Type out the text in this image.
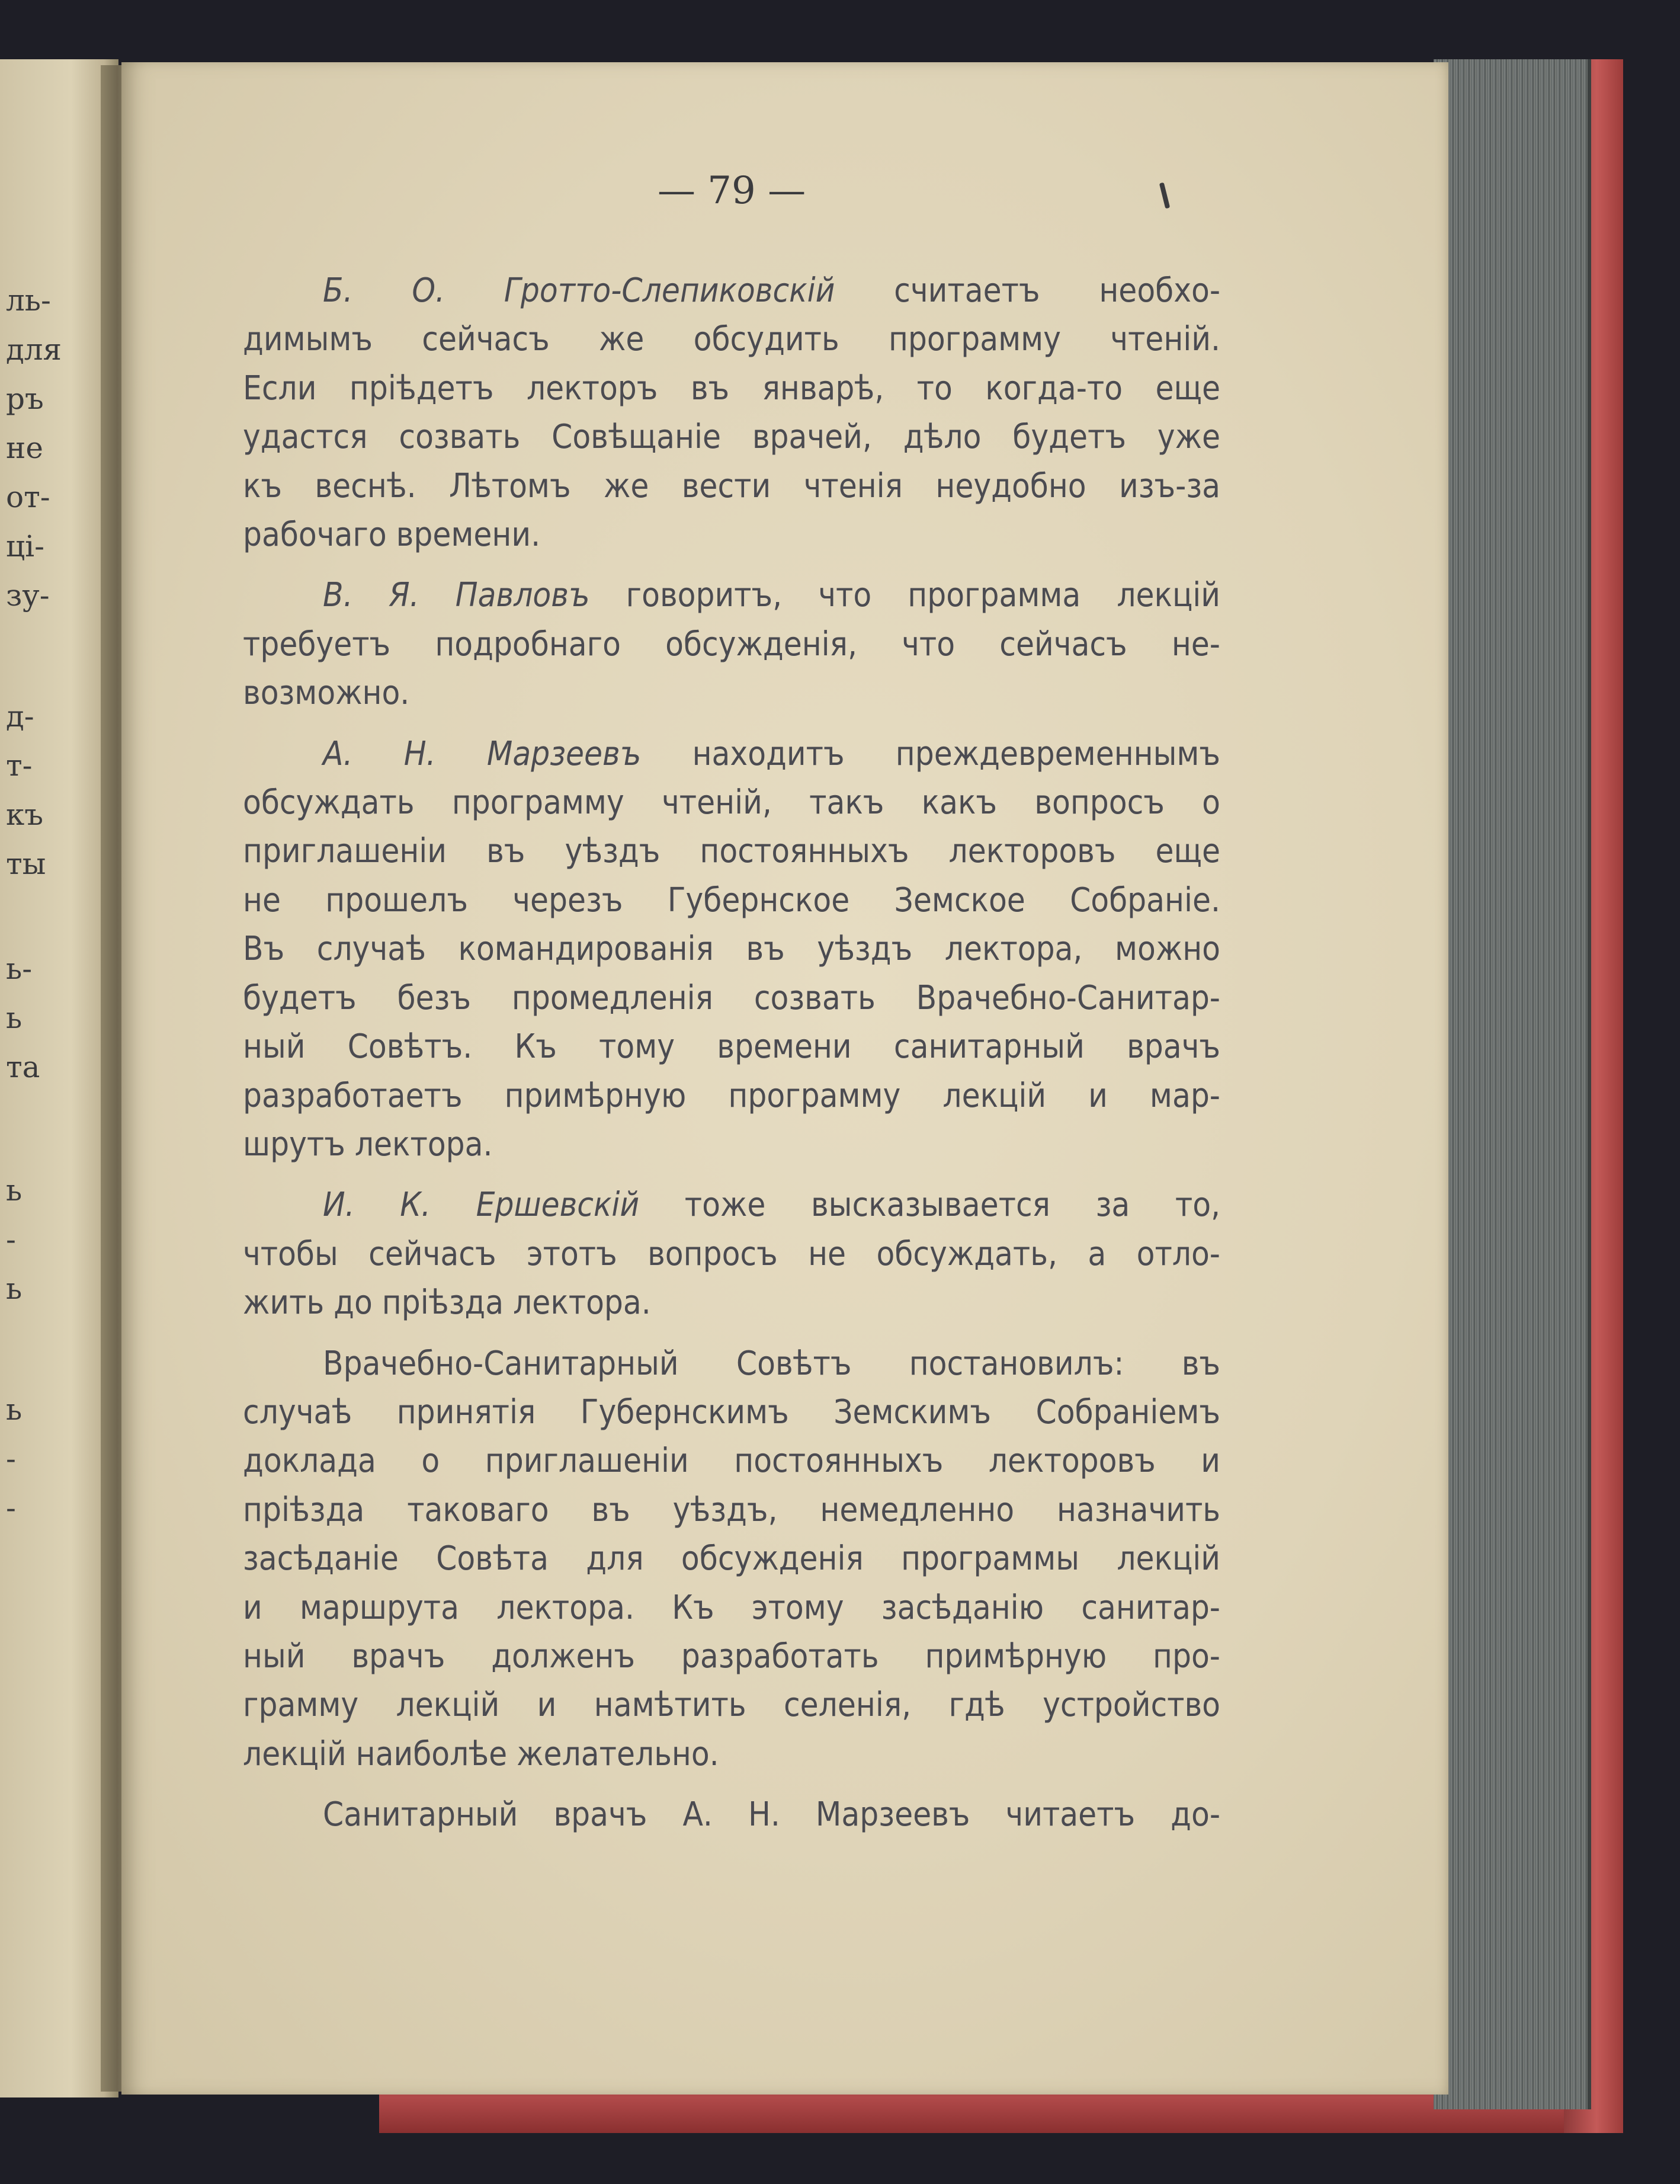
ль-
для
ръ
не
от-
ці-
зу-
д-
т-
къ
ты
ь-
ь
та
ь
-
ь
ь
-
-
— 79 —

Б. О. Гротто-Слепиковскій считаетъ необхо-
димымъ сейчасъ же обсудить программу чтеній.
Если пріѣдетъ лекторъ въ январѣ, то когда-то еще
удастся созвать Совѣщаніе врачей, дѣло будетъ уже
къ веснѣ. Лѣтомъ же вести чтенія неудобно изъ-за
рабочаго времени.

В. Я. Павловъ говоритъ, что программа лекцій
требуетъ подробнаго обсужденія, что сейчасъ не-
возможно.

А. Н. Марзеевъ находитъ преждевременнымъ
обсуждать программу чтеній, такъ какъ вопросъ о
приглашеніи въ уѣздъ постоянныхъ лекторовъ еще
не прошелъ черезъ Губернское Земское Собраніе.
Въ случаѣ командированія въ уѣздъ лектора, можно
будетъ безъ промедленія созвать Врачебно-Санитар-
ный Совѣтъ. Къ тому времени санитарный врачъ
разработаетъ примѣрную программу лекцій и мар-
шрутъ лектора.

И. К. Ершевскій тоже высказывается за то,
чтобы сейчасъ этотъ вопросъ не обсуждать, а отло-
жить до пріѣзда лектора.

Врачебно-Санитарный Совѣтъ постановилъ: въ
случаѣ принятія Губернскимъ Земскимъ Собраніемъ
доклада о приглашеніи постоянныхъ лекторовъ и
пріѣзда таковаго въ уѣздъ, немедленно назначить
засѣданіе Совѣта для обсужденія программы лекцій
и маршрута лектора. Къ этому засѣданію санитар-
ный врачъ долженъ разработать примѣрную про-
грамму лекцій и намѣтить селенія, гдѣ устройство
лекцій наиболѣе желательно.

Санитарный врачъ А. Н. Марзеевъ читаетъ до-
